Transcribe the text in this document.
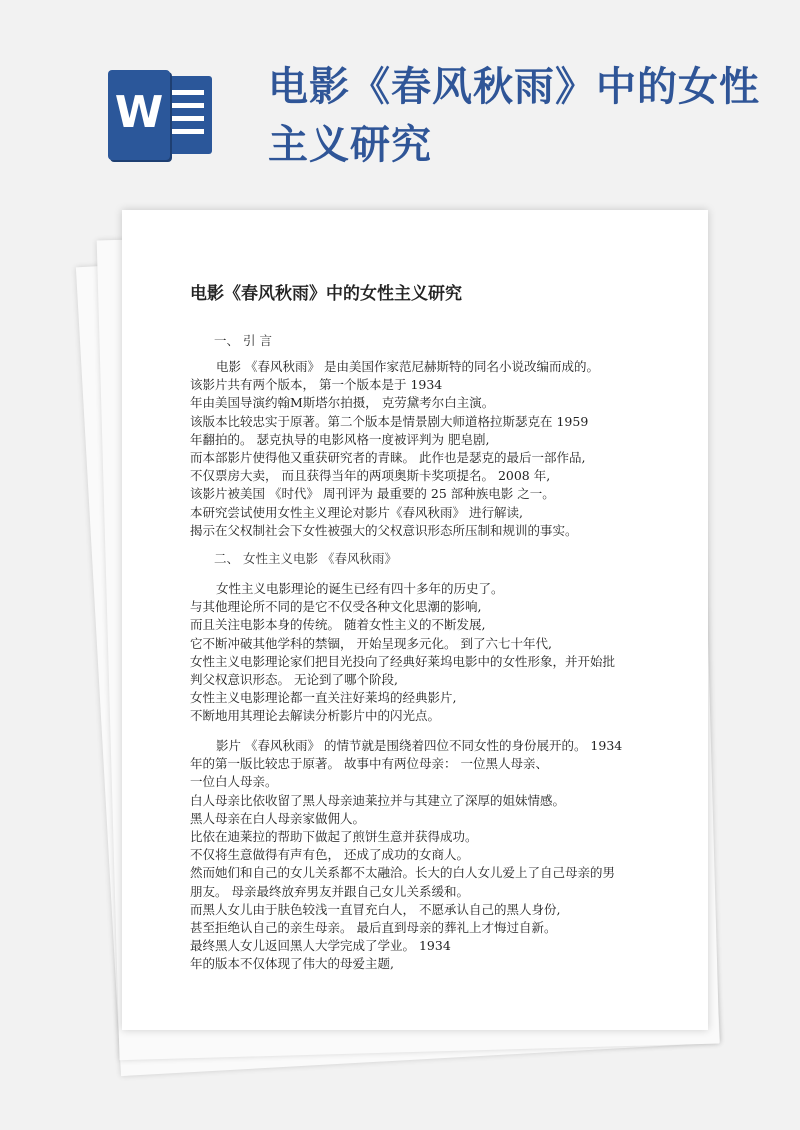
W
电影《春风秋雨》中的女性主义研究
电影《春风秋雨》中的女性主义研究
一、 引 言
电影 《春风秋雨》 是由美国作家范尼赫斯特的同名小说改编而成的。
该影片共有两个版本， 第一个版本是于 1934
年由美国导演约翰M斯塔尔拍摄， 克劳黛考尔白主演。
该版本比较忠实于原著。第二个版本是情景剧大师道格拉斯瑟克在 1959
年翻拍的。 瑟克执导的电影风格一度被评判为 肥皂剧,
而本部影片使得他又重获研究者的青睐。 此作也是瑟克的最后一部作品,
不仅票房大卖， 而且获得当年的两项奥斯卡奖项提名。 2008 年,
该影片被美国 《时代》 周刊评为 最重要的 25 部种族电影 之一。
本研究尝试使用女性主义理论对影片《春风秋雨》 进行解读,
揭示在父权制社会下女性被强大的父权意识形态所压制和规训的事实。
二、 女性主义电影 《春风秋雨》
女性主义电影理论的诞生已经有四十多年的历史了。
与其他理论所不同的是它不仅受各种文化思潮的影响,
而且关注电影本身的传统。 随着女性主义的不断发展,
它不断冲破其他学科的禁锢， 开始呈现多元化。 到了六七十年代,
女性主义电影理论家们把目光投向了经典好莱坞电影中的女性形象，并开始批
判父权意识形态。 无论到了哪个阶段,
女性主义电影理论都一直关注好莱坞的经典影片,
不断地用其理论去解读分析影片中的闪光点。
影片 《春风秋雨》 的情节就是围绕着四位不同女性的身份展开的。 1934
年的第一版比较忠于原著。 故事中有两位母亲： 一位黑人母亲、
一位白人母亲。
白人母亲比依收留了黑人母亲迪莱拉并与其建立了深厚的姐妹情感。
黑人母亲在白人母亲家做佣人。
比依在迪莱拉的帮助下做起了煎饼生意并获得成功。
不仅将生意做得有声有色， 还成了成功的女商人。
然而她们和自己的女儿关系都不太融洽。长大的白人女儿爱上了自己母亲的男
朋友。 母亲最终放弃男友并跟自己女儿关系缓和。
而黑人女儿由于肤色较浅一直冒充白人， 不愿承认自己的黑人身份,
甚至拒绝认自己的亲生母亲。 最后直到母亲的葬礼上才悔过自新。
最终黑人女儿返回黑人大学完成了学业。 1934
年的版本不仅体现了伟大的母爱主题,
